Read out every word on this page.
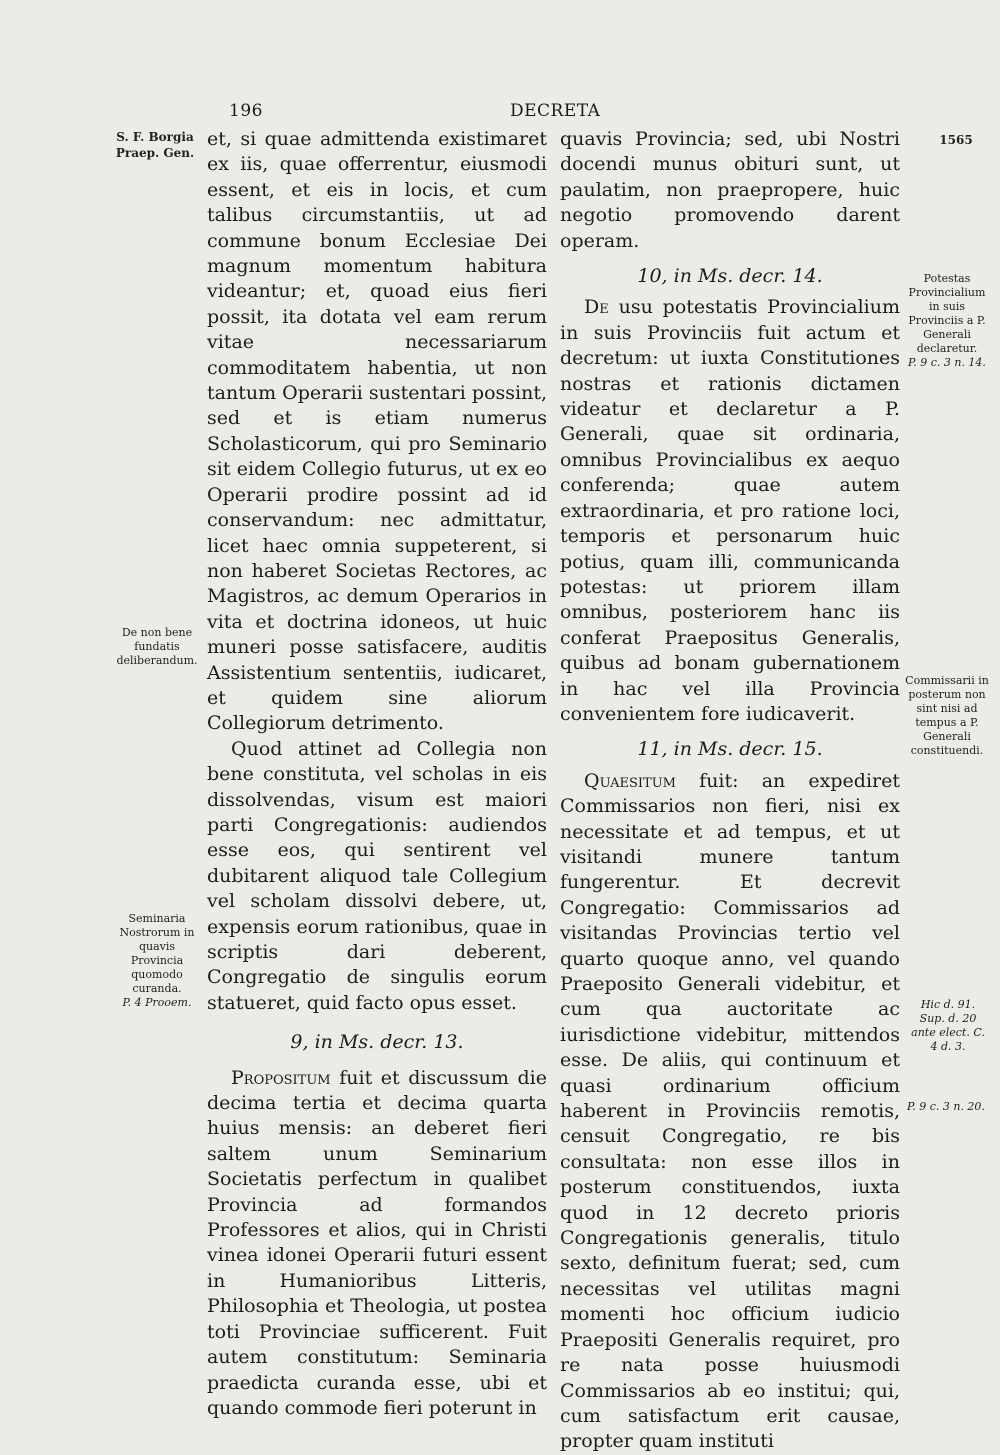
196	DECRETA
S. F. Borgia
Praep. Gen.
De non bene fundatis deliberandum.
Seminaria Nostrorum in quavis Provincia quomodo curanda.
P. 4 Prooem.
1565
Potestas Provincialium in suis Provinciis a P. Generali declaretur.
P. 9 c. 3 n. 14.
Commissarii in posterum non sint nisi ad tempus a P. Generali constituendi.
Hic d. 91. Sup. d. 20 ante elect. C. 4 d. 3.
P. 9 c. 3 n. 20.

et, si quae admittenda existimaret ex iis, quae offerrentur, eiusmodi essent, et eis in locis, et cum talibus circumstantiis, ut ad commune bonum Ecclesiae Dei magnum momentum habitura videantur; et, quoad eius fieri possit, ita dotata vel eam rerum vitae necessariarum commoditatem habentia, ut non tantum Operarii sustentari possint, sed et is etiam numerus Scholasticorum, qui pro Seminario sit eidem Collegio futurus, ut ex eo Operarii prodire possint ad id conservandum: nec admittatur, licet haec omnia suppeterent, si non haberet Societas Rectores, ac Magistros, ac demum Operarios in vita et doctrina idoneos, ut huic muneri posse satisfacere, auditis Assistentium sententiis, iudicaret, et quidem sine aliorum Collegiorum detrimento.

Quod attinet ad Collegia non bene constituta, vel scholas in eis dissolvendas, visum est maiori parti Congregationis: audiendos esse eos, qui sentirent vel dubitarent aliquod tale Collegium vel scholam dissolvi debere, ut, expensis eorum rationibus, quae in scriptis dari deberent, Congregatio de singulis eorum statueret, quid facto opus esset.

9, in Ms. decr. 13.

Propositum fuit et discussum die decima tertia et decima quarta huius mensis: an deberet fieri saltem unum Seminarium Societatis perfectum in qualibet Provincia ad formandos Professores et alios, qui in Christi vinea idonei Operarii futuri essent in Humanioribus Litteris, Philosophia et Theologia, ut postea toti Provinciae sufficerent. Fuit autem constitutum: Seminaria praedicta curanda esse, ubi et quando commode fieri poterunt in

quavis Provincia; sed, ubi Nostri docendi munus obituri sunt, ut paulatim, non praepropere, huic negotio promovendo darent operam.

10, in Ms. decr. 14.

De usu potestatis Provincialium in suis Provinciis fuit actum et decretum: ut iuxta Constitutiones nostras et rationis dictamen videatur et declaretur a P. Generali, quae sit ordinaria, omnibus Provincialibus ex aequo conferenda; quae autem extraordinaria, et pro ratione loci, temporis et personarum huic potius, quam illi, communicanda potestas: ut priorem illam omnibus, posteriorem hanc iis conferat Praepositus Generalis, quibus ad bonam gubernationem in hac vel illa Provincia convenientem fore iudicaverit.

11, in Ms. decr. 15.

Quaesitum fuit: an expediret Commissarios non fieri, nisi ex necessitate et ad tempus, et ut visitandi munere tantum fungerentur. Et decrevit Congregatio: Commissarios ad visitandas Provincias tertio vel quarto quoque anno, vel quando Praeposito Generali videbitur, et cum qua auctoritate ac iurisdictione videbitur, mittendos esse. De aliis, qui continuum et quasi ordinarium officium haberent in Provinciis remotis, censuit Congregatio, re bis consultata: non esse illos in posterum constituendos, iuxta quod in 12 decreto prioris Congregationis generalis, titulo sexto, definitum fuerat; sed, cum necessitas vel utilitas magni momenti hoc officium iudicio Praepositi Generalis requiret, pro re nata posse huiusmodi Commissarios ab eo institui; qui, cum satisfactum erit causae, propter quam instituti
